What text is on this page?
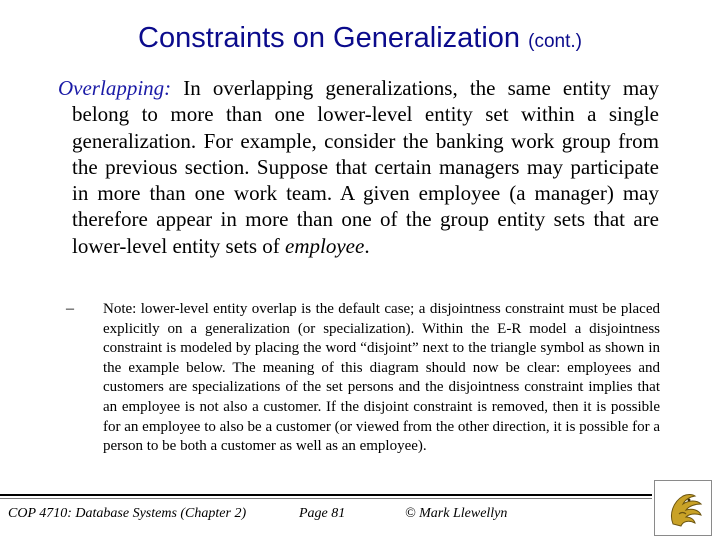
Constraints on Generalization (cont.)
Overlapping: In overlapping generalizations, the same entity may belong to more than one lower-level entity set within a single generalization. For example, consider the banking work group from the previous section. Suppose that certain managers may participate in more than one work team. A given employee (a manager) may therefore appear in more than one of the group entity sets that are lower-level entity sets of employee.
– Note: lower-level entity overlap is the default case; a disjointness constraint must be placed explicitly on a generalization (or specialization). Within the E-R model a disjointness constraint is modeled by placing the word “disjoint” next to the triangle symbol as shown in the example below. The meaning of this diagram should now be clear: employees and customers are specializations of the set persons and the disjointness constraint implies that an employee is not also a customer. If the disjoint constraint is removed, then it is possible for an employee to also be a customer (or viewed from the other direction, it is possible for a person to be both a customer as well as an employee).
COP 4710: Database Systems (Chapter 2)	Page 81	© Mark Llewellyn
